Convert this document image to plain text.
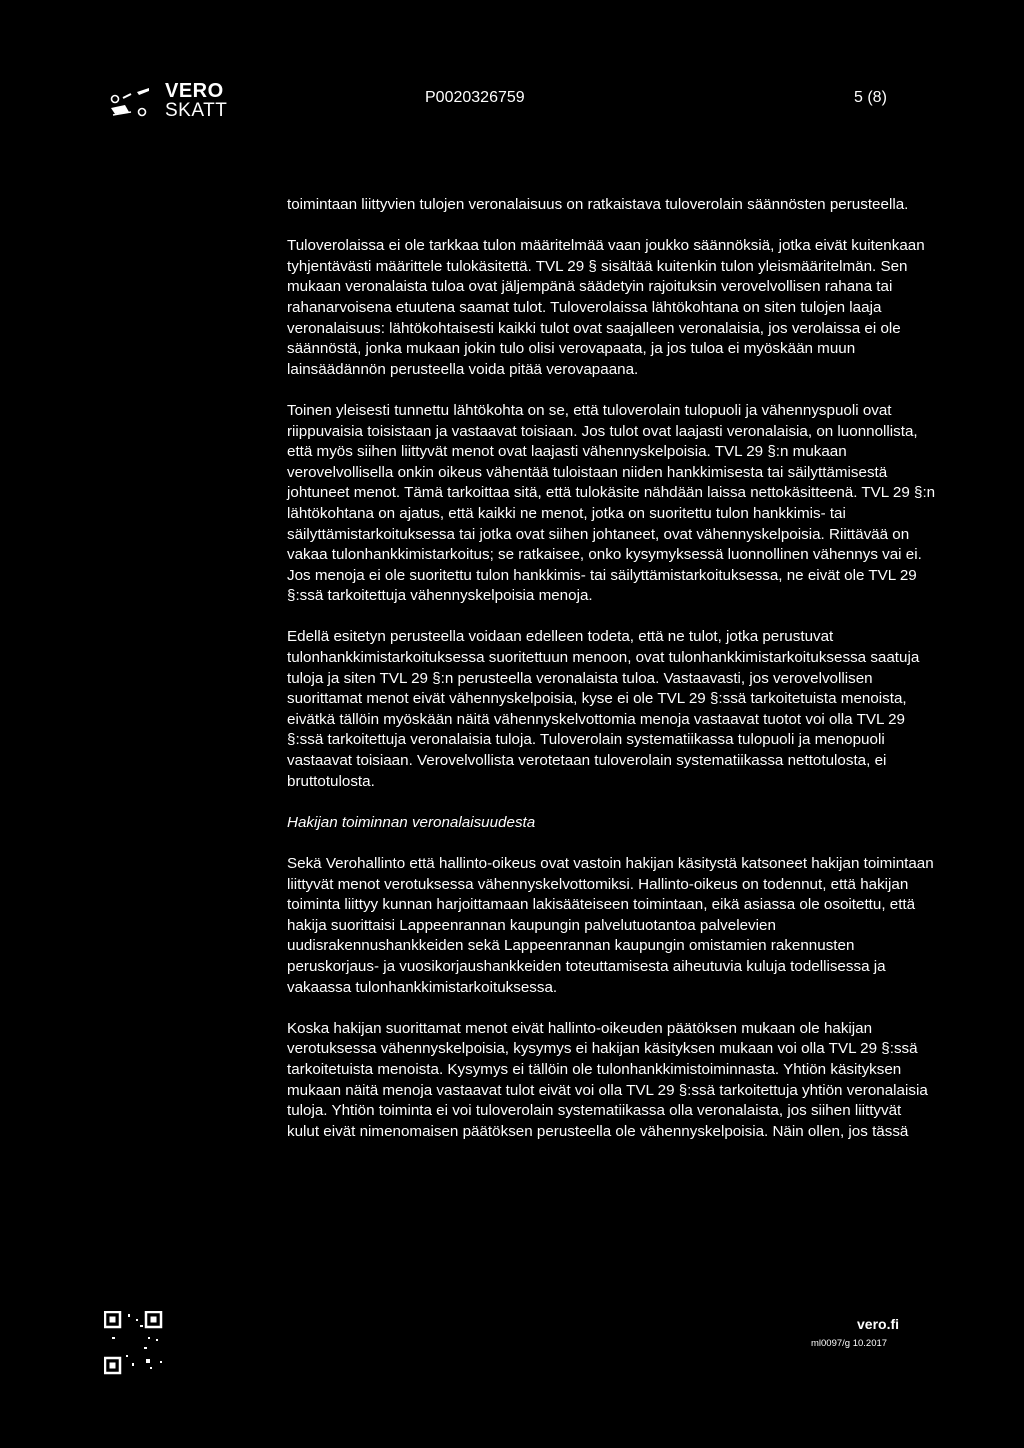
VERO
SKATT
P0020326759	5 (8)

toimintaan liittyvien tulojen veronalaisuus on ratkaistava tuloverolain säännösten perusteella.

Tuloverolaissa ei ole tarkkaa tulon määritelmää vaan joukko säännöksiä, jotka eivät kuitenkaan tyhjentävästi määrittele tulokäsitettä. TVL 29 § sisältää kuitenkin tulon yleismääritelmän. Sen mukaan veronalaista tuloa ovat jäljempänä säädetyin rajoituksin verovelvollisen rahana tai rahanarvoisena etuutena saamat tulot. Tuloverolaissa lähtökohtana on siten tulojen laaja veronalaisuus: lähtökohtaisesti kaikki tulot ovat saajalleen veronalaisia, jos verolaissa ei ole säännöstä, jonka mukaan jokin tulo olisi verovapaata, ja jos tuloa ei myöskään muun lainsäädännön perusteella voida pitää verovapaana.

Toinen yleisesti tunnettu lähtökohta on se, että tuloverolain tulopuoli ja vähennyspuoli ovat riippuvaisia toisistaan ja vastaavat toisiaan. Jos tulot ovat laajasti veronalaisia, on luonnollista, että myös siihen liittyvät menot ovat laajasti vähennyskelpoisia. TVL 29 §:n mukaan verovelvollisella onkin oikeus vähentää tuloistaan niiden hankkimisesta tai säilyttämisestä johtuneet menot. Tämä tarkoittaa sitä, että tulokäsite nähdään laissa nettokäsitteenä. TVL 29 §:n lähtökohtana on ajatus, että kaikki ne menot, jotka on suoritettu tulon hankkimis- tai säilyttämistarkoituksessa tai jotka ovat siihen johtaneet, ovat vähennyskelpoisia. Riittävää on vakaa tulonhankkimistarkoitus; se ratkaisee, onko kysymyksessä luonnollinen vähennys vai ei. Jos menoja ei ole suoritettu tulon hankkimis- tai säilyttämistarkoituksessa, ne eivät ole TVL 29 §:ssä tarkoitettuja vähennyskelpoisia menoja.

Edellä esitetyn perusteella voidaan edelleen todeta, että ne tulot, jotka perustuvat tulonhankkimistarkoituksessa suoritettuun menoon, ovat tulonhankkimistarkoituksessa saatuja tuloja ja siten TVL 29 §:n perusteella veronalaista tuloa. Vastaavasti, jos verovelvollisen suorittamat menot eivät vähennyskelpoisia, kyse ei ole TVL 29 §:ssä tarkoitetuista menoista, eivätkä tällöin myöskään näitä vähennyskelvottomia menoja vastaavat tuotot voi olla TVL 29 §:ssä tarkoitettuja veronalaisia tuloja. Tuloverolain systematiikassa tulopuoli ja menopuoli vastaavat toisiaan. Verovelvollista verotetaan tuloverolain systematiikassa nettotulosta, ei bruttotulosta.

Hakijan toiminnan veronalaisuudesta

Sekä Verohallinto että hallinto-oikeus ovat vastoin hakijan käsitystä katsoneet hakijan toimintaan liittyvät menot verotuksessa vähennyskelvottomiksi. Hallinto-oikeus on todennut, että hakijan toiminta liittyy kunnan harjoittamaan lakisääteiseen toimintaan, eikä asiassa ole osoitettu, että hakija suorittaisi Lappeenrannan kaupungin palvelutuotantoa palvelevien uudisrakennushankkeiden sekä Lappeenrannan kaupungin omistamien rakennusten peruskorjaus- ja vuosikorjaushankkeiden toteuttamisesta aiheutuvia kuluja todellisessa ja vakaassa tulonhankkimistarkoituksessa.

Koska hakijan suorittamat menot eivät hallinto-oikeuden päätöksen mukaan ole hakijan verotuksessa vähennyskelpoisia, kysymys ei hakijan käsityksen mukaan voi olla TVL 29 §:ssä tarkoitetuista menoista. Kysymys ei tällöin ole tulonhankkimistoiminnasta. Yhtiön käsityksen mukaan näitä menoja vastaavat tulot eivät voi olla TVL 29 §:ssä tarkoitettuja yhtiön veronalaisia tuloja. Yhtiön toiminta ei voi tuloverolain systematiikassa olla veronalaista, jos siihen liittyvät kulut eivät nimenomaisen päätöksen perusteella ole vähennyskelpoisia. Näin ollen, jos tässä

vero.fi
ml0097/g 10.2017
